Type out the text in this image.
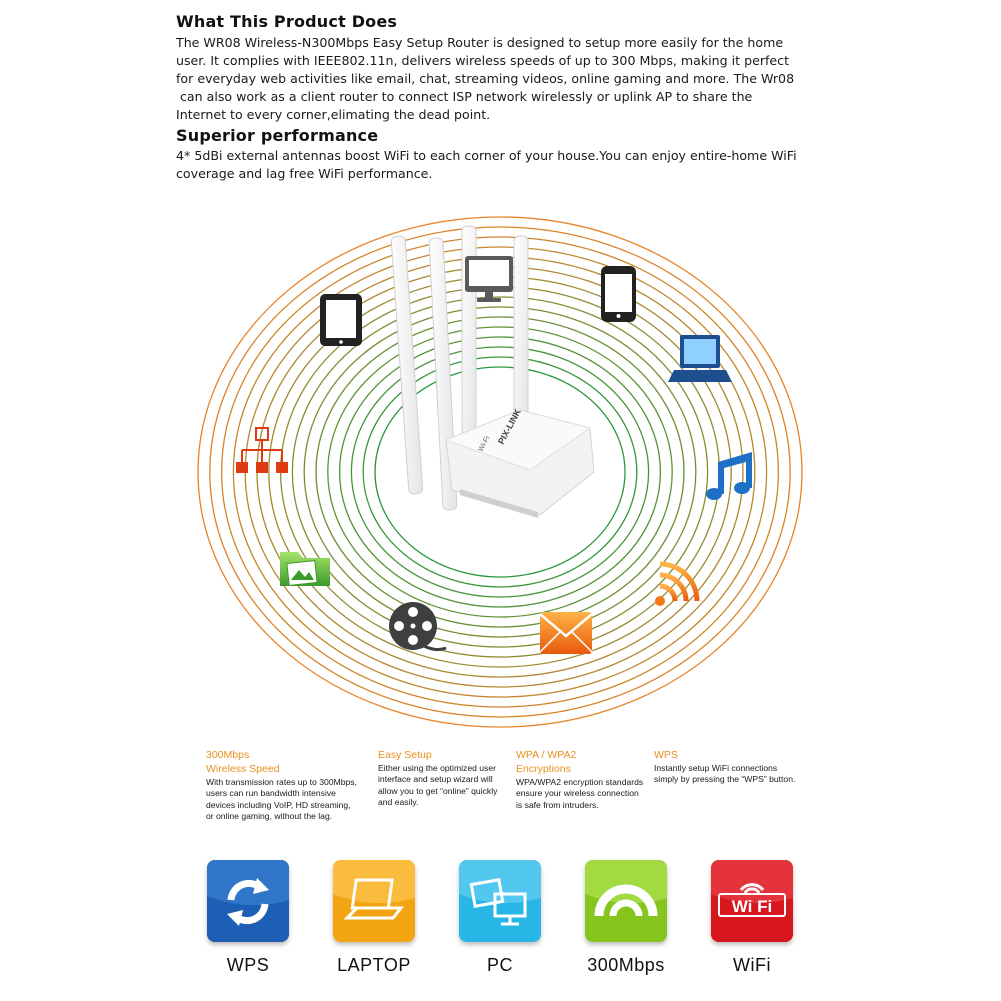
What This Product Does
The WR08 Wireless-N300Mbps Easy Setup Router is designed to setup more easily for the home
user. It complies with IEEE802.11n, delivers wireless speeds of up to 300 Mbps, making it perfect
for everyday web activities like email, chat, streaming videos, online gaming and more. The Wr08
can also work as a client router to connect ISP network wirelessly or uplink AP to share the
Internet to every corner,elimating the dead point.
Superior performance
4* 5dBi external antennas boost WiFi to each corner of your house.You can enjoy entire-home WiFi
coverage and lag free WiFi performance.
PIX-LINK
Wi-Fi
300Mbps
Wireless Speed
With transmission rates up to 300Mbps,
users can run bandwidth intensive
devices including VoIP, HD streaming,
or online gaming, without the lag.
Easy Setup
Either using the optimized user
interface and setup wizard will
allow you to get “online” quickly
and easily.
WPA / WPA2
Encryptions
WPA/WPA2 encryption standards
ensure your wireless connection
is safe from intruders.
WPS
Instantly setup WiFi connections
simply by pressing the “WPS” button.
Wi Fi
WPS	LAPTOP	PC	300Mbps	WiFi
